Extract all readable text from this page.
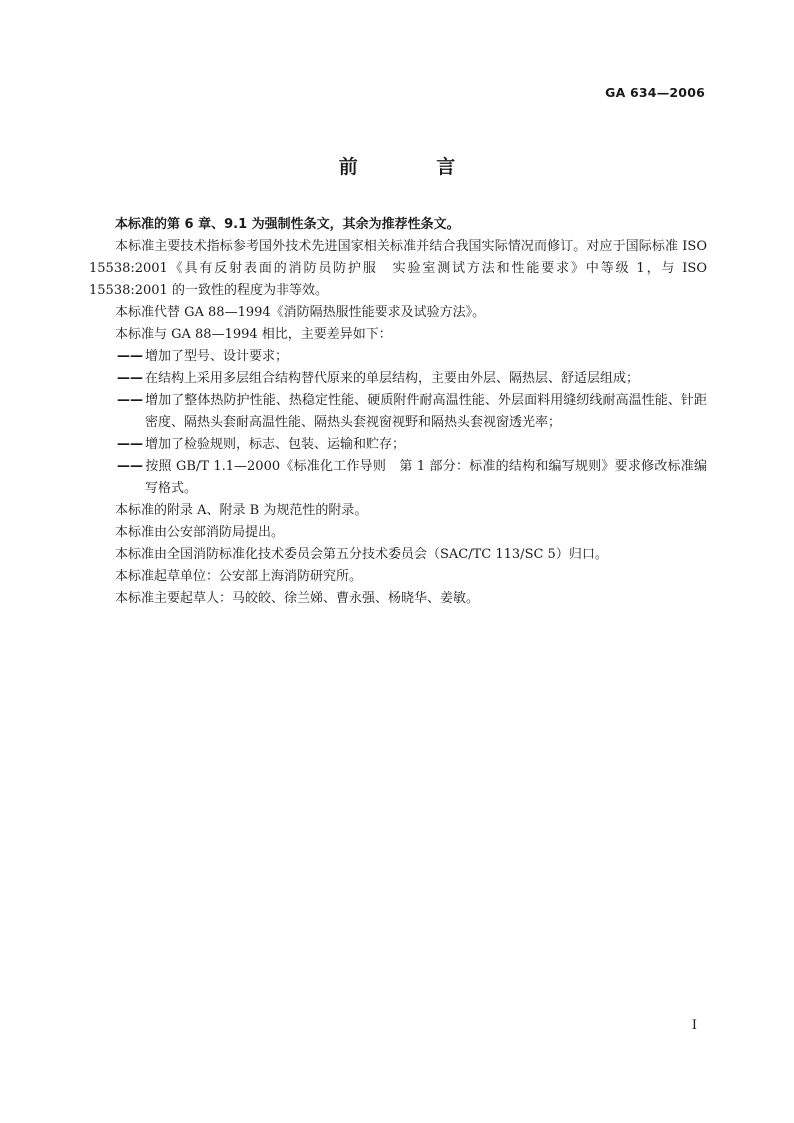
GA 634—2006
前 言

本标准的第 6 章、9.1 为强制性条文，其余为推荐性条文。

本标准主要技术指标参考国外技术先进国家相关标准并结合我国实际情况而修订。对应于国际标准 ISO 15538:2001《具有反射表面的消防员防护服　实验室测试方法和性能要求》中等级 1，与 ISO 15538:2001 的一致性的程度为非等效。

本标准代替 GA 88—1994《消防隔热服性能要求及试验方法》。

本标准与 GA 88—1994 相比，主要差异如下：

—— 增加了型号、设计要求；

—— 在结构上采用多层组合结构替代原来的单层结构，主要由外层、隔热层、舒适层组成；

—— 增加了整体热防护性能、热稳定性能、硬质附件耐高温性能、外层面料用缝纫线耐高温性能、针距密度、隔热头套耐高温性能、隔热头套视窗视野和隔热头套视窗透光率；

—— 增加了检验规则，标志、包装、运输和贮存；

—— 按照 GB/T 1.1—2000《标准化工作导则　第 1 部分：标准的结构和编写规则》要求修改标准编写格式。

本标准的附录 A、附录 B 为规范性的附录。

本标准由公安部消防局提出。

本标准由全国消防标准化技术委员会第五分技术委员会（SAC/TC 113/SC 5）归口。

本标准起草单位：公安部上海消防研究所。

本标准主要起草人：马皎皎、徐兰娣、曹永强、杨晓华、姜敏。

I
